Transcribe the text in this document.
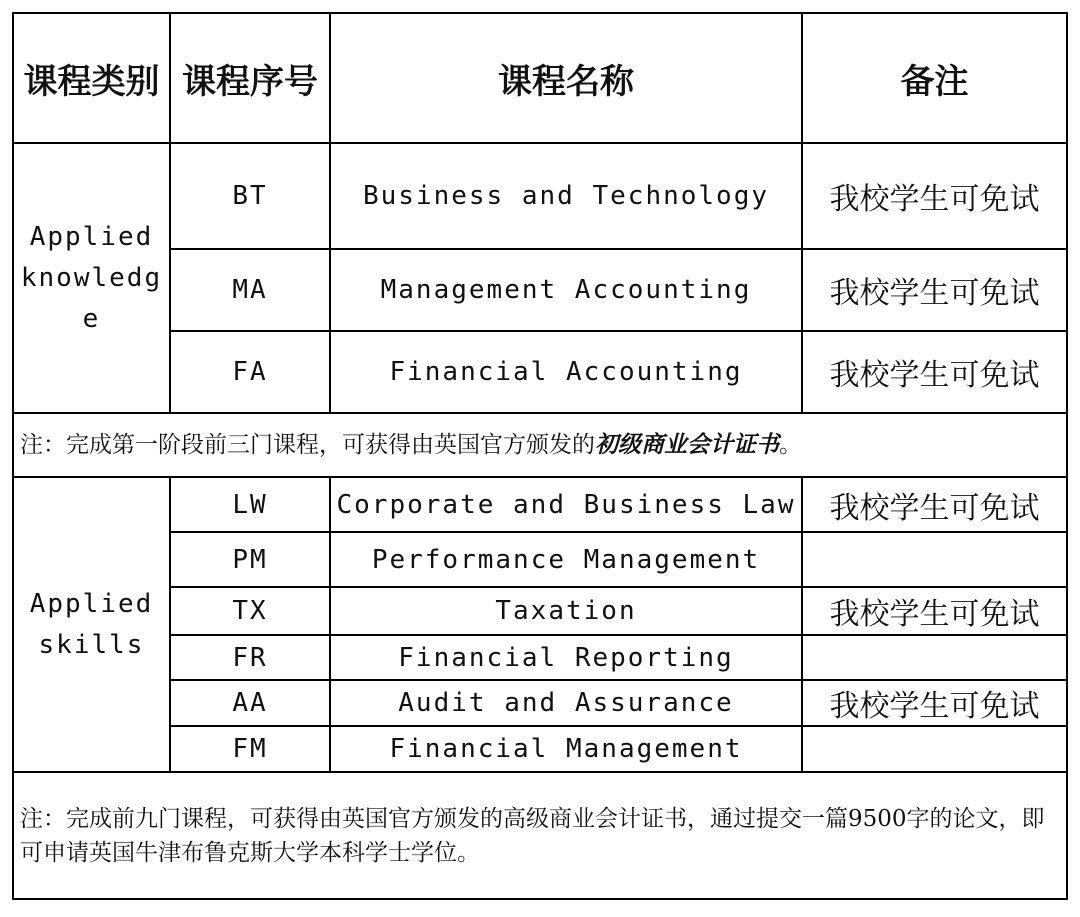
课程类别	课程序号	课程名称	备注
Applied knowledge	BT	Business and Technology	我校学生可免试
	MA	Management Accounting	我校学生可免试
	FA	Financial Accounting	我校学生可免试
注：完成第一阶段前三门课程，可获得由英国官方颁发的初级商业会计证书。			
Applied skills	LW	Corporate and Business Law	我校学生可免试
	PM	Performance Management	
	TX	Taxation	我校学生可免试
	FR	Financial Reporting	
	AA	Audit and Assurance	我校学生可免试
	FM	Financial Management	
注：完成前九门课程，可获得由英国官方颁发的高级商业会计证书，通过提交一篇9500字的论文，即可申请英国牛津布鲁克斯大学本科学士学位。			
